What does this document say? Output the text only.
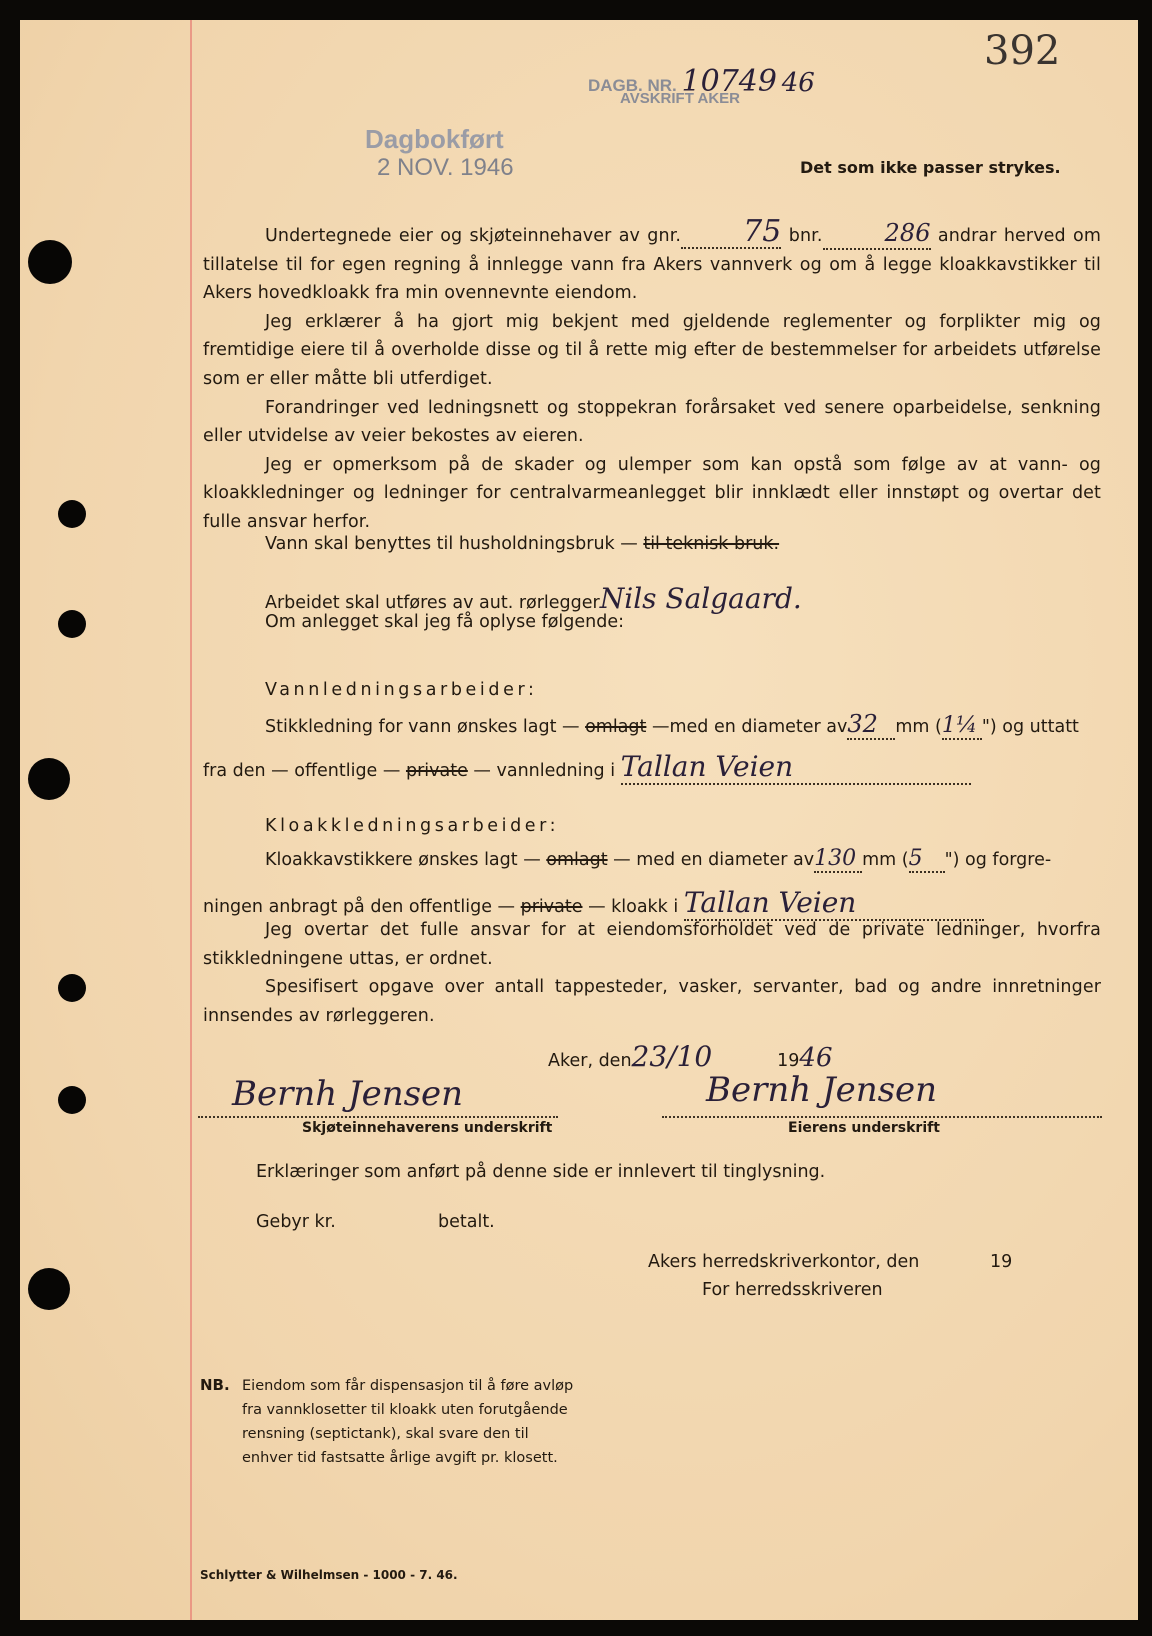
392
DAGB. NR. 10749 46
AVSKRIFT AKER
Dagbokført
2 NOV. 1946	Det som ikke passer strykes.

Undertegnede eier og skjøteinnehaver av gnr. 75 bnr.	286 andrar herved om tillatelse til for egen regning å innlegge vann fra Akers vannverk og om å legge kloakkavstikker til Akers hovedkloakk fra min ovennevnte eiendom.

Jeg erklærer å ha gjort mig bekjent med gjeldende reglementer og forplikter mig og fremtidige eiere til å overholde disse og til å rette mig efter de bestemmelser for arbeidets utførelse som er eller måtte bli utferdiget.

Forandringer ved ledningsnett og stoppekran forårsaket ved senere oparbeidelse, senkning eller utvidelse av veier bekostes av eieren.

Jeg er opmerksom på de skader og ulemper som kan opstå som følge av at vann- og kloakkledninger og ledninger for centralvarmeanlegget blir innklædt eller innstøpt og overtar det fulle ansvar herfor.

Vann skal benyttes til husholdningsbruk — til teknisk bruk.
Arbeidet skal utføres av aut. rørleggerNils Salgaard.
Om anlegget skal jeg få oplyse følgende:
Vannledningsarbeider:
Stikkledning for vann ønskes lagt — omlagt —med en diameter av32 mm (1¼ ") og uttatt
fra den — offentlige — private — vannledning i Tallan Veien
Kloakkledningsarbeider:
Kloakkavstikkere ønskes lagt — omlagt — med en diameter av130 mm (5 ") og forgre-
ningen anbragt på den offentlige — private — kloakk i Tallan Veien

Jeg overtar det fulle ansvar for at eiendomsforholdet ved de private ledninger, hvorfra stikkledningene uttas, er ordnet.

Spesifisert opgave over antall tappesteder, vasker, servanter, bad og andre innretninger innsendes av rørleggeren.

Aker, den23/10	1946
Bernh Jensen
Skjøteinnehaverens underskrift
Bernh Jensen
Eierens underskrift
Erklæringer som anført på denne side er innlevert til tinglysning.
Gebyr kr.	betalt.
Akers herredskriverkontor, den	19
For herredsskriveren
NB. Eiendom som får dispensasjon til å føre avløp fra vannklosetter til kloakk uten forutgående rensning (septictank), skal svare den til enhver tid fastsatte årlige avgift pr. klosett.
Schlytter & Wilhelmsen - 1000 - 7. 46.
